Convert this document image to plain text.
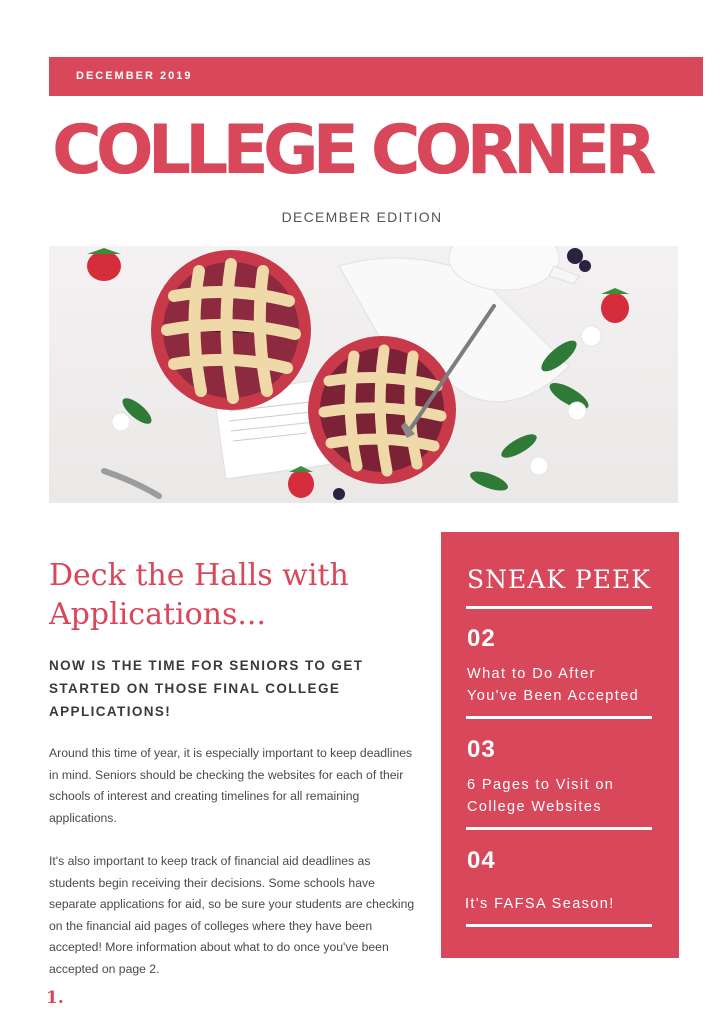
DECEMBER 2019
COLLEGE CORNER
DECEMBER EDITION
Deck the Halls with
Applications...
NOW IS THE TIME FOR SENIORS TO GET STARTED ON THOSE FINAL COLLEGE APPLICATIONS!
Around this time of year, it is especially important to keep deadlines in mind. Seniors should be checking the websites for each of their schools of interest and creating timelines for all remaining applications.
It's also important to keep track of financial aid deadlines as students begin receiving their decisions. Some schools have separate applications for aid, so be sure your students are checking on the financial aid pages of colleges where they have been accepted! More information about what to do once you've been accepted on page 2.
1.
SNEAK PEEK
02
What to Do After
You've Been Accepted
03
6 Pages to Visit on
College Websites
04
It's FAFSA Season!
